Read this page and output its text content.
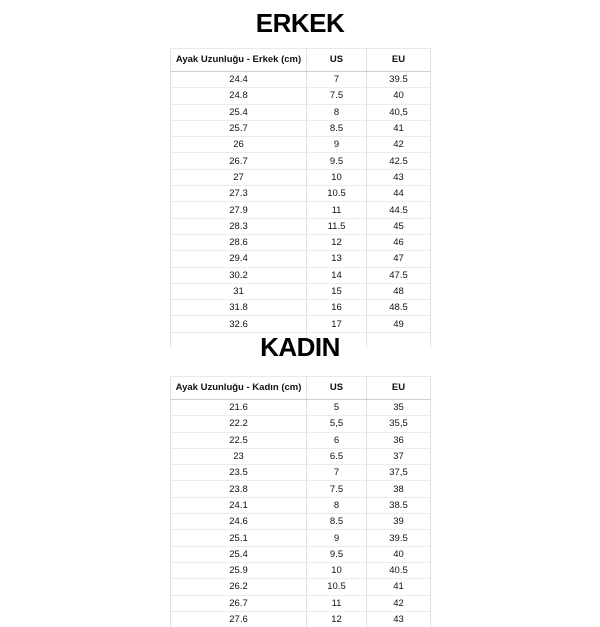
ERKEK
Ayak Uzunluğu - Erkek (cm)	US	EU
24.4	7	39.5
24.8	7.5	40
25.4	8	40,5
25.7	8.5	41
26	9	42
26.7	9.5	42.5
27	10	43
27.3	10.5	44
27.9	11	44.5
28.3	11.5	45
28.6	12	46
29.4	13	47
30.2	14	47.5
31	15	48
31.8	16	48.5
32.6	17	49

KADIN
Ayak Uzunluğu - Kadın (cm)	US	EU
21.6	5	35
22.2	5,5	35,5
22.5	6	36
23	6.5	37
23.5	7	37,5
23.8	7.5	38
24.1	8	38.5
24.6	8.5	39
25.1	9	39.5
25.4	9.5	40
25.9	10	40.5
26.2	10.5	41
26.7	11	42
27.6	12	43
